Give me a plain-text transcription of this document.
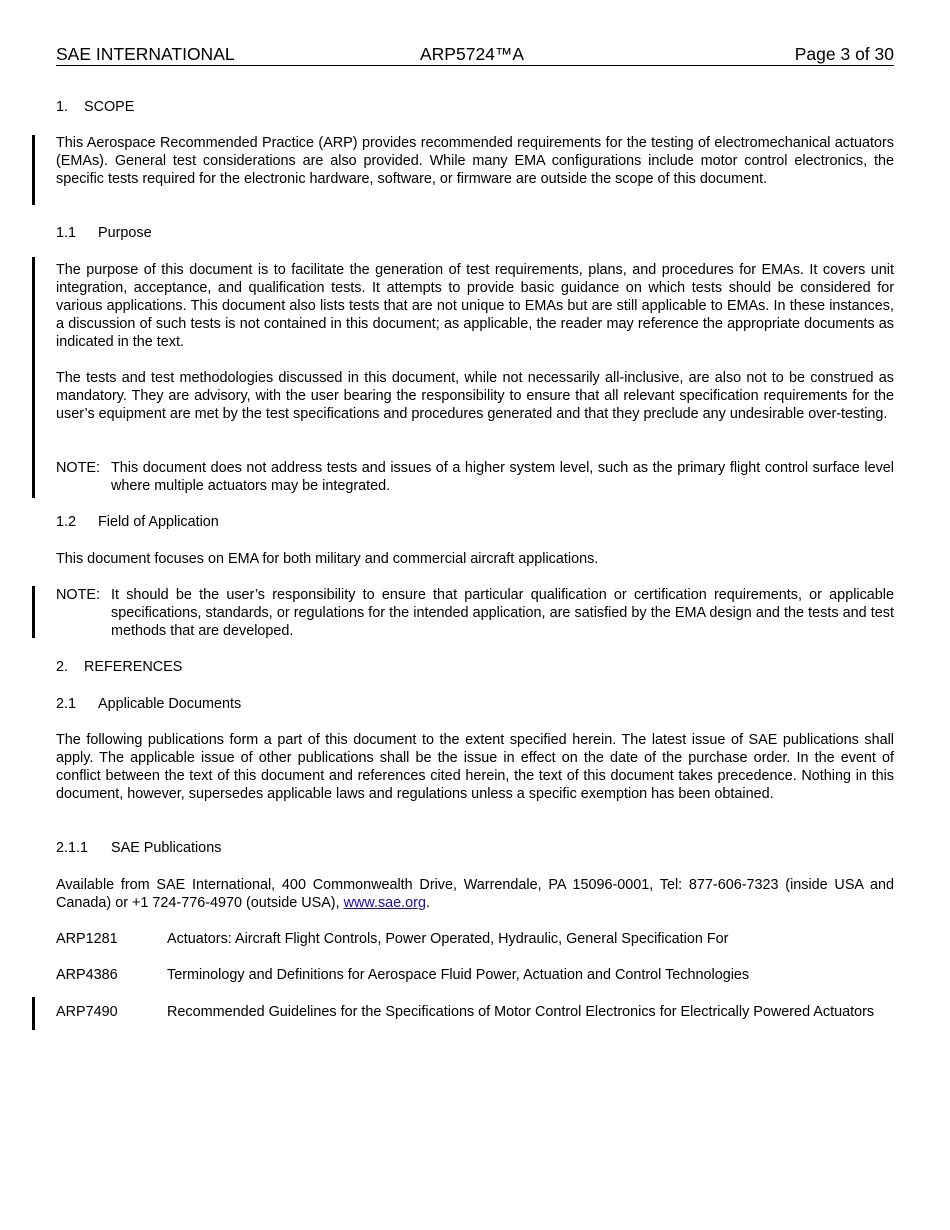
SAE INTERNATIONAL	ARP5724™A	Page 3 of 30
1. SCOPE
This Aerospace Recommended Practice (ARP) provides recommended requirements for the testing of electromechanical actuators (EMAs). General test considerations are also provided. While many EMA configurations include motor control electronics, the specific tests required for the electronic hardware, software, or firmware are outside the scope of this document.
1.1 Purpose
The purpose of this document is to facilitate the generation of test requirements, plans, and procedures for EMAs. It covers unit integration, acceptance, and qualification tests. It attempts to provide basic guidance on which tests should be considered for various applications. This document also lists tests that are not unique to EMAs but are still applicable to EMAs. In these instances, a discussion of such tests is not contained in this document; as applicable, the reader may reference the appropriate documents as indicated in the text.
The tests and test methodologies discussed in this document, while not necessarily all-inclusive, are also not to be construed as mandatory. They are advisory, with the user bearing the responsibility to ensure that all relevant specification requirements for the user’s equipment are met by the test specifications and procedures generated and that they preclude any undesirable over-testing.
NOTE: This document does not address tests and issues of a higher system level, such as the primary flight control surface level where multiple actuators may be integrated.
1.2 Field of Application
This document focuses on EMA for both military and commercial aircraft applications.
NOTE: It should be the user’s responsibility to ensure that particular qualification or certification requirements, or applicable specifications, standards, or regulations for the intended application, are satisfied by the EMA design and the tests and test methods that are developed.
2. REFERENCES
2.1 Applicable Documents
The following publications form a part of this document to the extent specified herein. The latest issue of SAE publications shall apply. The applicable issue of other publications shall be the issue in effect on the date of the purchase order. In the event of conflict between the text of this document and references cited herein, the text of this document takes precedence. Nothing in this document, however, supersedes applicable laws and regulations unless a specific exemption has been obtained.
2.1.1 SAE Publications
Available from SAE International, 400 Commonwealth Drive, Warrendale, PA 15096-0001, Tel: 877-606-7323 (inside USA and Canada) or +1 724-776-4970 (outside USA), www.sae.org.
ARP1281	Actuators: Aircraft Flight Controls, Power Operated, Hydraulic, General Specification For
ARP4386	Terminology and Definitions for Aerospace Fluid Power, Actuation and Control Technologies
ARP7490	Recommended Guidelines for the Specifications of Motor Control Electronics for Electrically Powered Actuators
